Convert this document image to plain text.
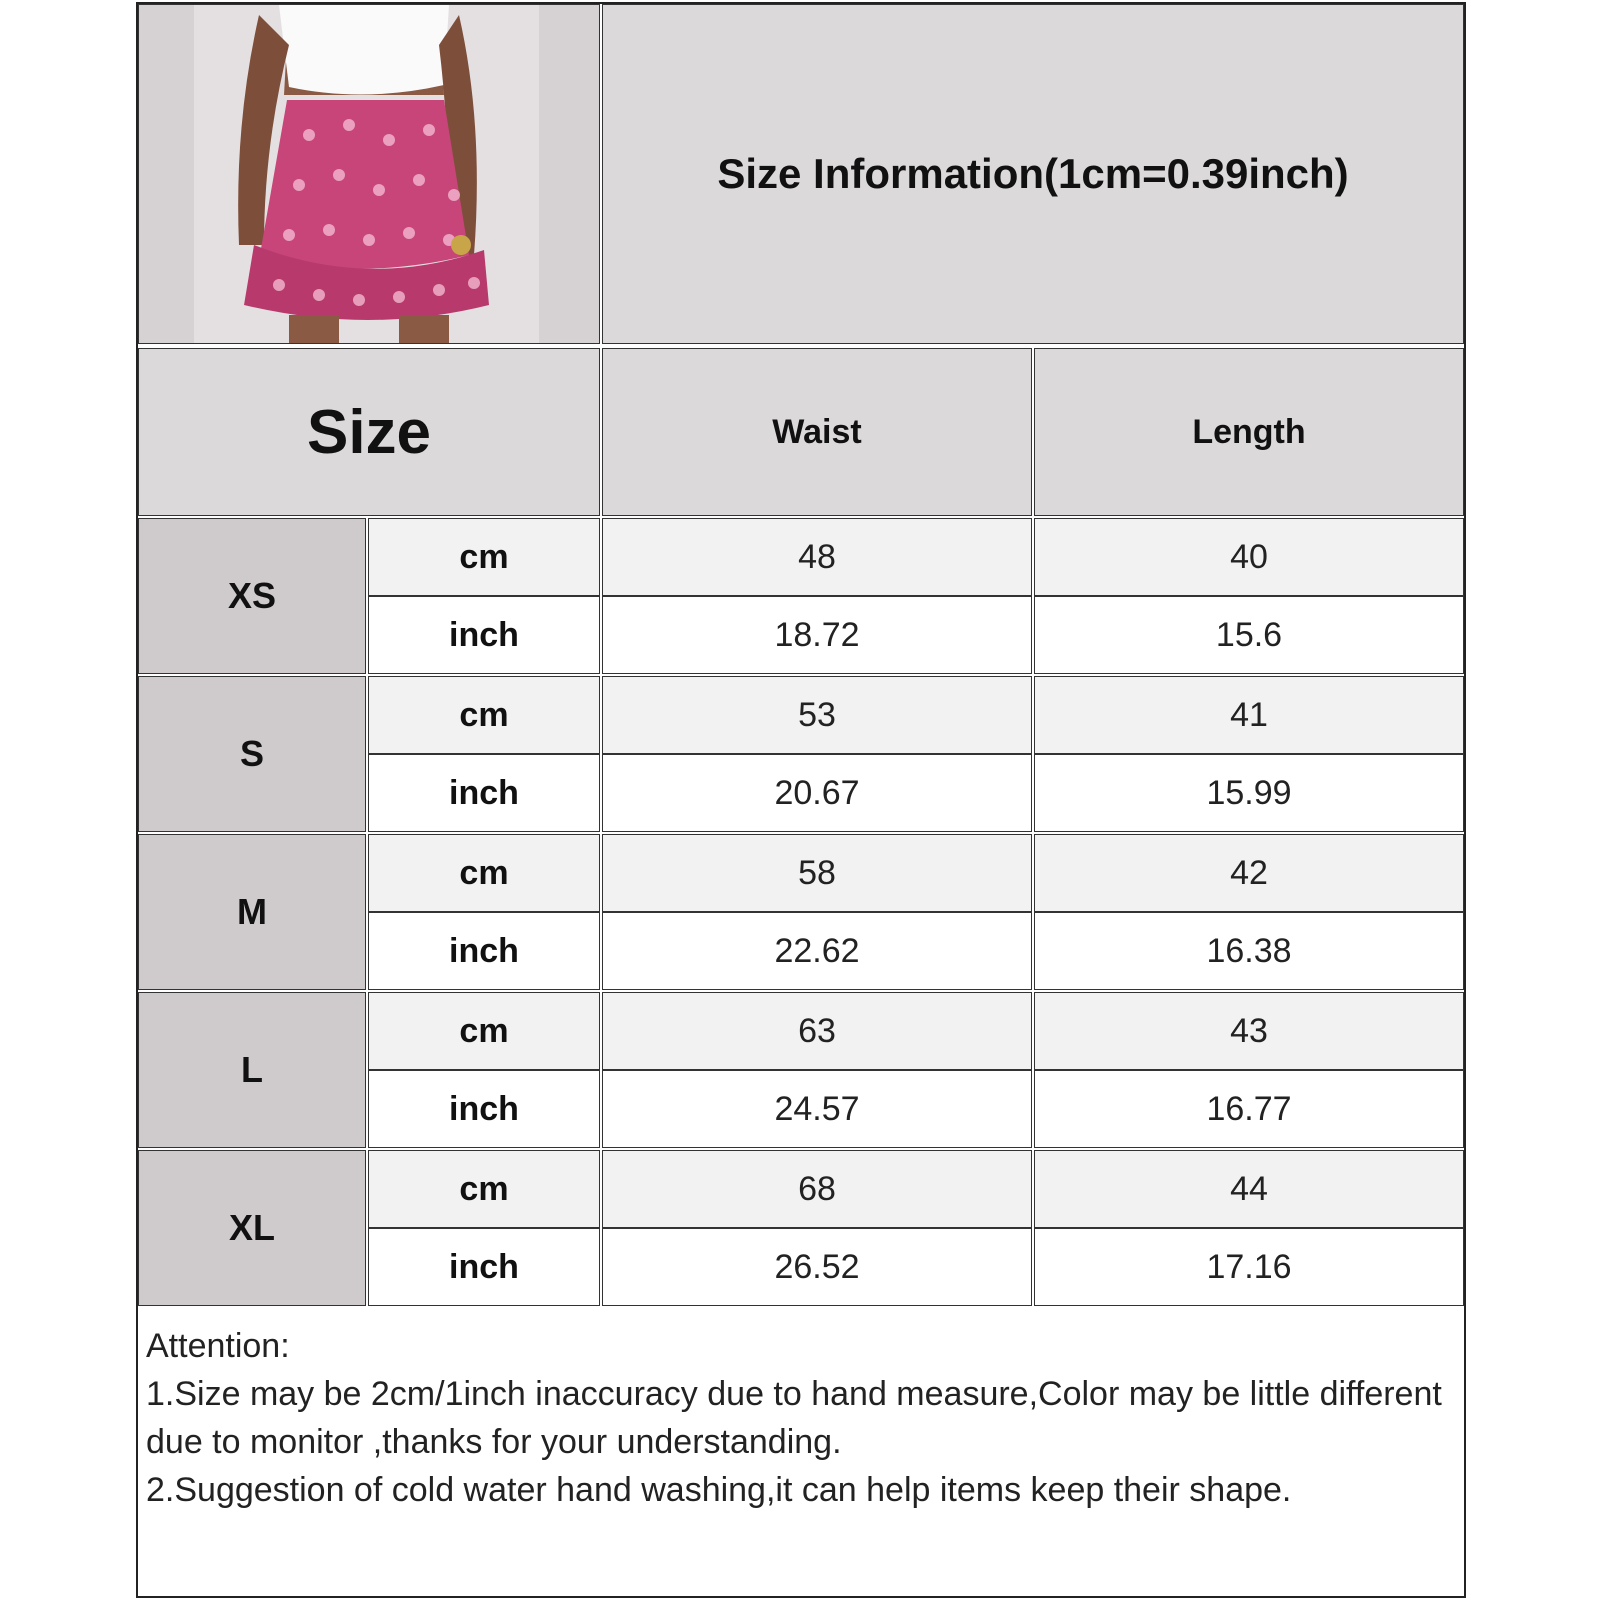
Size Information(1cm=0.39inch)
Size	Waist	Length
XS
cm	48	40
inch	18.72	15.6
S
cm	53	41
inch	20.67	15.99
M
cm	58	42
inch	22.62	16.38
L
cm	63	43
inch	24.57	16.77
XL
cm	68	44
inch	26.52	17.16
Attention:
1.Size may be 2cm/1inch inaccuracy due to hand measure,Color may be little different due to monitor ,thanks for your understanding.
2.Suggestion of cold water hand washing,it can help items keep their shape.
